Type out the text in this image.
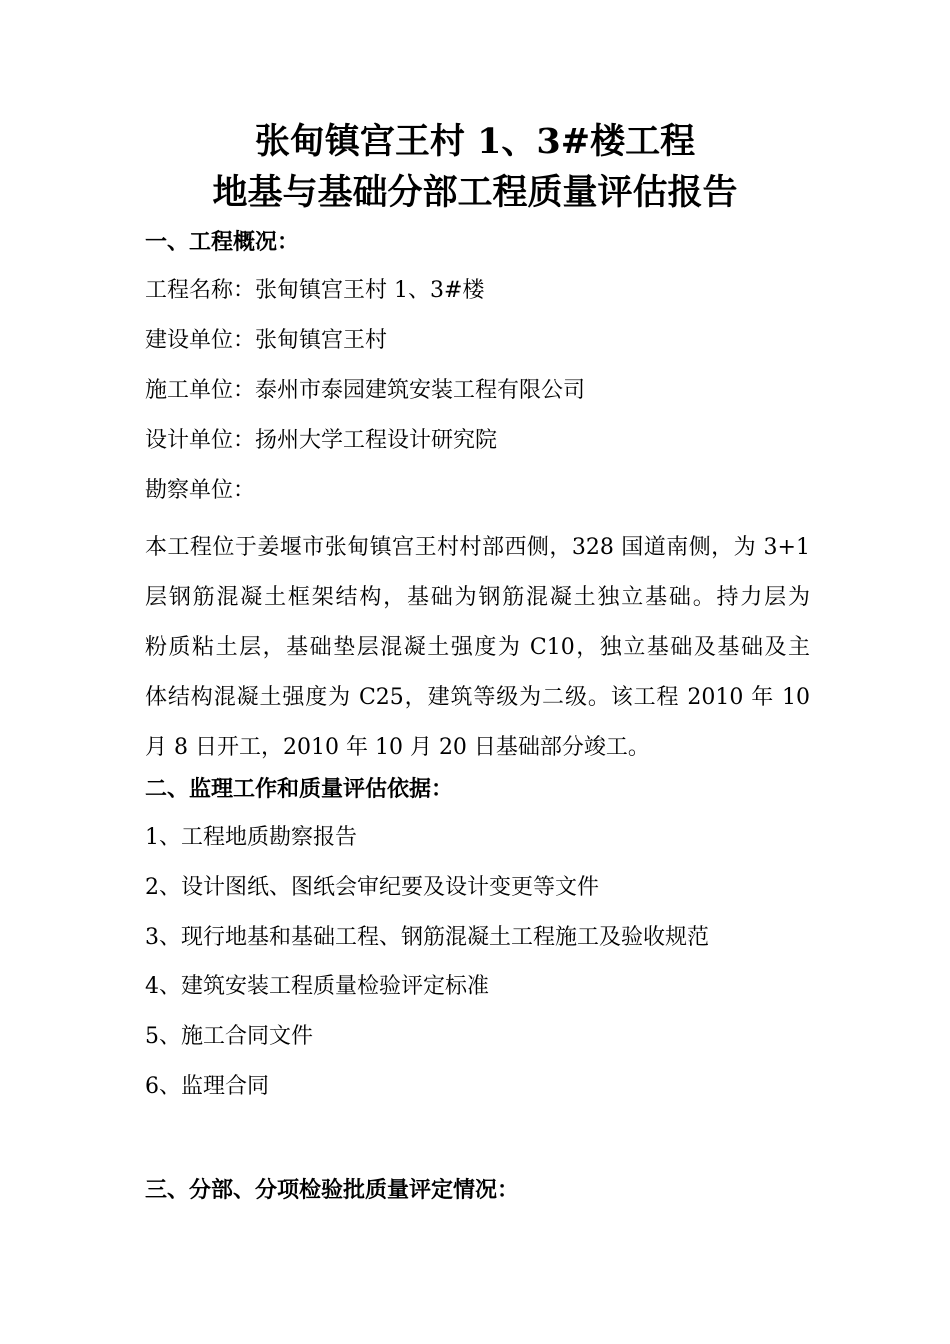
张甸镇宫王村 1、3#楼工程
地基与基础分部工程质量评估报告
一、工程概况：
工程名称：张甸镇宫王村 1、3#楼
建设单位：张甸镇宫王村
施工单位：泰州市泰园建筑安装工程有限公司
设计单位：扬州大学工程设计研究院
勘察单位：
本工程位于姜堰市张甸镇宫王村村部西侧，328 国道南侧，为 3+1
层钢筋混凝土框架结构，基础为钢筋混凝土独立基础。持力层为
粉质粘土层，基础垫层混凝土强度为 C10，独立基础及基础及主
体结构混凝土强度为 C25，建筑等级为二级。该工程 2010 年 10
月 8 日开工，2010 年 10 月 20 日基础部分竣工。
二、监理工作和质量评估依据：
1、工程地质勘察报告
2、设计图纸、图纸会审纪要及设计变更等文件
3、现行地基和基础工程、钢筋混凝土工程施工及验收规范
4、建筑安装工程质量检验评定标准
5、施工合同文件
6、监理合同
三、分部、分项检验批质量评定情况：
